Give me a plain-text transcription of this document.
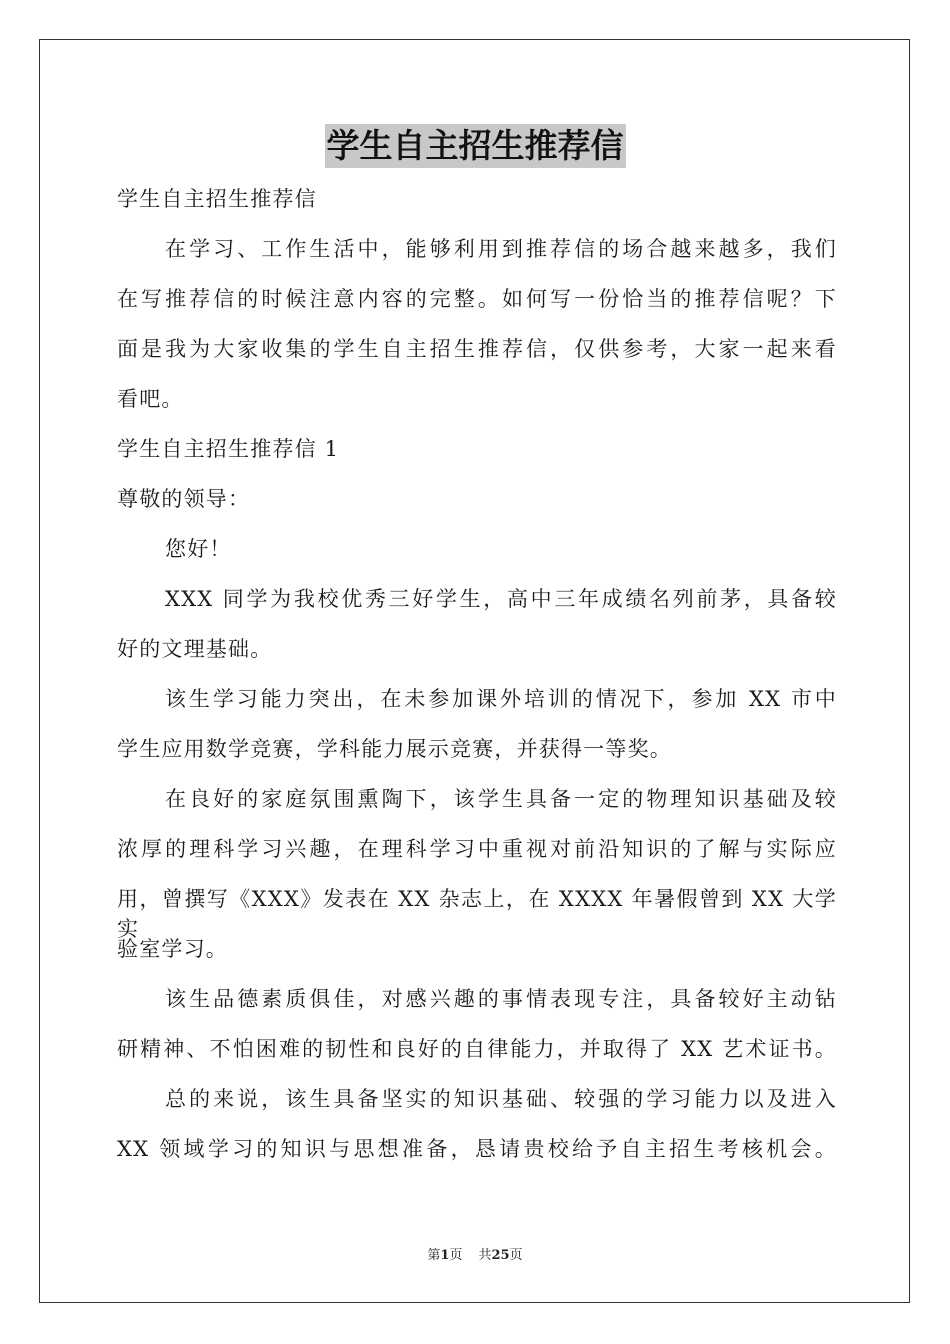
学生自主招生推荐信
学生自主招生推荐信
在学习、工作生活中，能够利用到推荐信的场合越来越多，我们
在写推荐信的时候注意内容的完整。如何写一份恰当的推荐信呢？下
面是我为大家收集的学生自主招生推荐信，仅供参考，大家一起来看
看吧。
学生自主招生推荐信 1
尊敬的领导：
您好！
XXX 同学为我校优秀三好学生，高中三年成绩名列前茅，具备较
好的文理基础。
该生学习能力突出，在未参加课外培训的情况下，参加 XX 市中
学生应用数学竞赛，学科能力展示竞赛，并获得一等奖。
在良好的家庭氛围熏陶下，该学生具备一定的物理知识基础及较
浓厚的理科学习兴趣，在理科学习中重视对前沿知识的了解与实际应
用，曾撰写《XXX》发表在 XX 杂志上，在 XXXX 年暑假曾到 XX 大学实
验室学习。
该生品德素质俱佳，对感兴趣的事情表现专注，具备较好主动钻
研精神、不怕困难的韧性和良好的自律能力，并取得了 XX 艺术证书。
总的来说，该生具备坚实的知识基础、较强的学习能力以及进入
XX 领域学习的知识与思想准备，恳请贵校给予自主招生考核机会。
第1页 共25页
